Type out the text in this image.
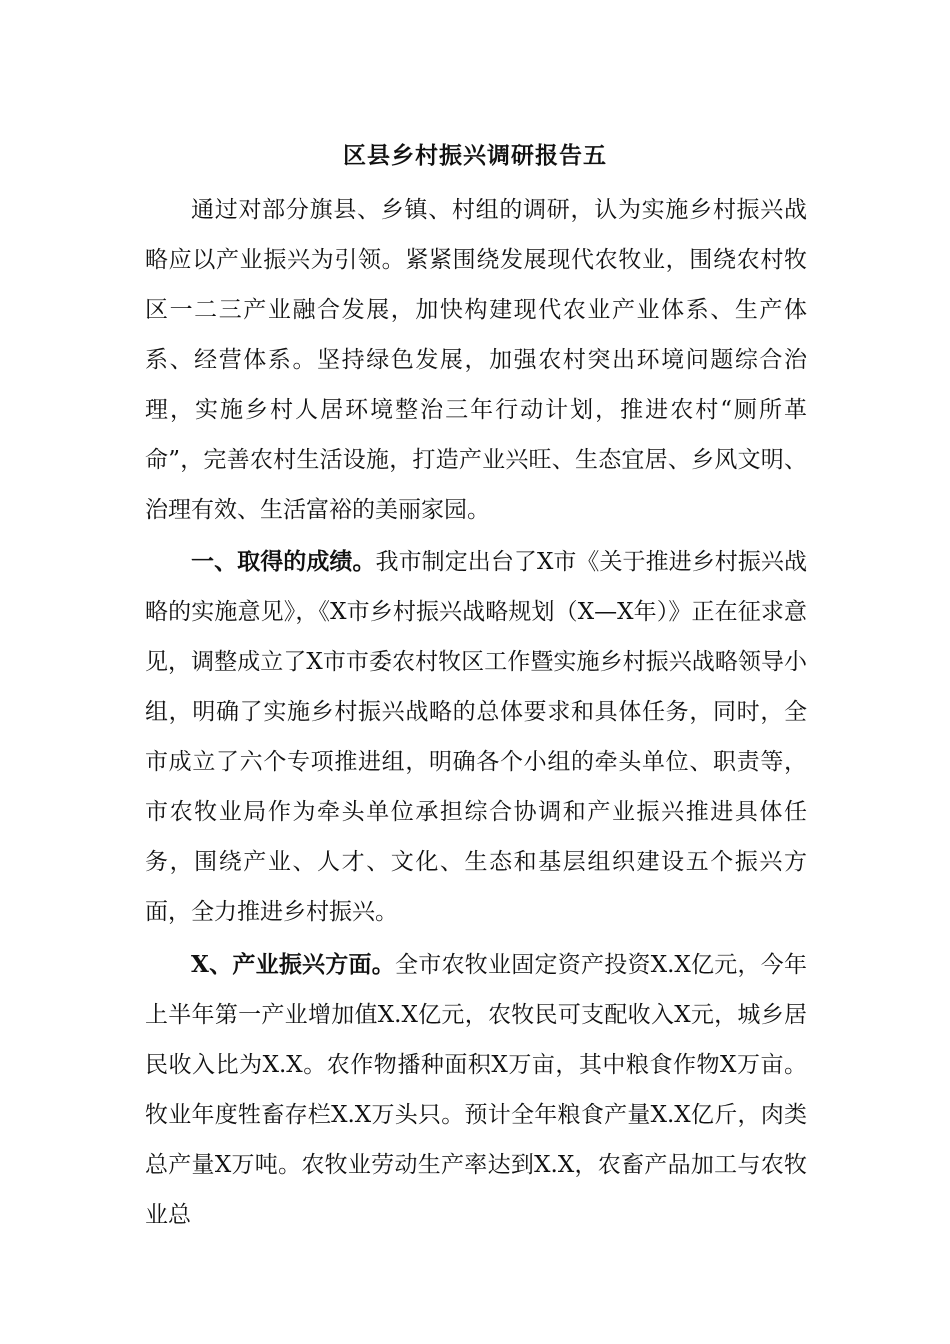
区县乡村振兴调研报告五

通过对部分旗县、乡镇、村组的调研，认为实施乡村振兴战略应以产业振兴为引领。紧紧围绕发展现代农牧业，围绕农村牧区一二三产业融合发展，加快构建现代农业产业体系、生产体系、经营体系。坚持绿色发展，加强农村突出环境问题综合治理，实施乡村人居环境整治三年行动计划，推进农村“厕所革命”，完善农村生活设施，打造产业兴旺、生态宜居、乡风文明、治理有效、生活富裕的美丽家园。

一、取得的成绩。我市制定出台了X市《关于推进乡村振兴战略的实施意见》，《X市乡村振兴战略规划（X—X年）》正在征求意见，调整成立了X市市委农村牧区工作暨实施乡村振兴战略领导小组，明确了实施乡村振兴战略的总体要求和具体任务，同时，全市成立了六个专项推进组，明确各个小组的牵头单位、职责等，市农牧业局作为牵头单位承担综合协调和产业振兴推进具体任务，围绕产业、人才、文化、生态和基层组织建设五个振兴方面，全力推进乡村振兴。

X、产业振兴方面。全市农牧业固定资产投资X.X亿元，今年上半年第一产业增加值X.X亿元，农牧民可支配收入X元，城乡居民收入比为X.X。农作物播种面积X万亩，其中粮食作物X万亩。牧业年度牲畜存栏X.X万头只。预计全年粮食产量X.X亿斤，肉类总产量X万吨。农牧业劳动生产率达到X.X，农畜产品加工与农牧业总
